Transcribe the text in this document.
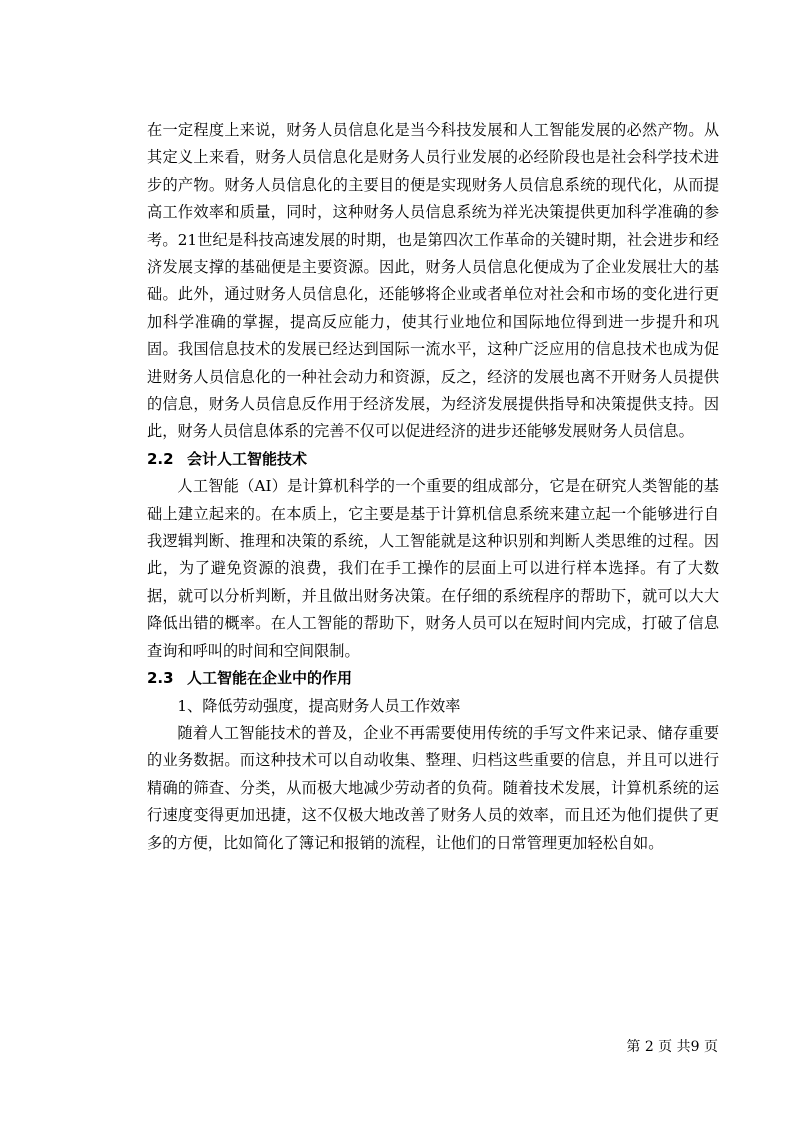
在一定程度上来说，财务人员信息化是当今科技发展和人工智能发展的必然产物。从其定义上来看，财务人员信息化是财务人员行业发展的必经阶段也是社会科学技术进步的产物。财务人员信息化的主要目的便是实现财务人员信息系统的现代化，从而提高工作效率和质量，同时，这种财务人员信息系统为祥光决策提供更加科学准确的参考。21世纪是科技高速发展的时期，也是第四次工作革命的关键时期，社会进步和经济发展支撑的基础便是主要资源。因此，财务人员信息化便成为了企业发展壮大的基础。此外，通过财务人员信息化，还能够将企业或者单位对社会和市场的变化进行更加科学准确的掌握，提高反应能力，使其行业地位和国际地位得到进一步提升和巩固。我国信息技术的发展已经达到国际一流水平，这种广泛应用的信息技术也成为促进财务人员信息化的一种社会动力和资源，反之，经济的发展也离不开财务人员提供的信息，财务人员信息反作用于经济发展，为经济发展提供指导和决策提供支持。因此，财务人员信息体系的完善不仅可以促进经济的进步还能够发展财务人员信息。

2.2 会计人工智能技术

人工智能（AI）是计算机科学的一个重要的组成部分，它是在研究人类智能的基础上建立起来的。在本质上，它主要是基于计算机信息系统来建立起一个能够进行自我逻辑判断、推理和决策的系统，人工智能就是这种识别和判断人类思维的过程。因此，为了避免资源的浪费，我们在手工操作的层面上可以进行样本选择。有了大数据，就可以分析判断，并且做出财务决策。在仔细的系统程序的帮助下，就可以大大降低出错的概率。在人工智能的帮助下，财务人员可以在短时间内完成，打破了信息查询和呼叫的时间和空间限制。

2.3 人工智能在企业中的作用

1、降低劳动强度，提高财务人员工作效率

随着人工智能技术的普及，企业不再需要使用传统的手写文件来记录、储存重要的业务数据。而这种技术可以自动收集、整理、归档这些重要的信息，并且可以进行精确的筛查、分类，从而极大地减少劳动者的负荷。随着技术发展，计算机系统的运行速度变得更加迅捷，这不仅极大地改善了财务人员的效率，而且还为他们提供了更多的方便，比如简化了簿记和报销的流程，让他们的日常管理更加轻松自如。

第 2 页 共9 页
